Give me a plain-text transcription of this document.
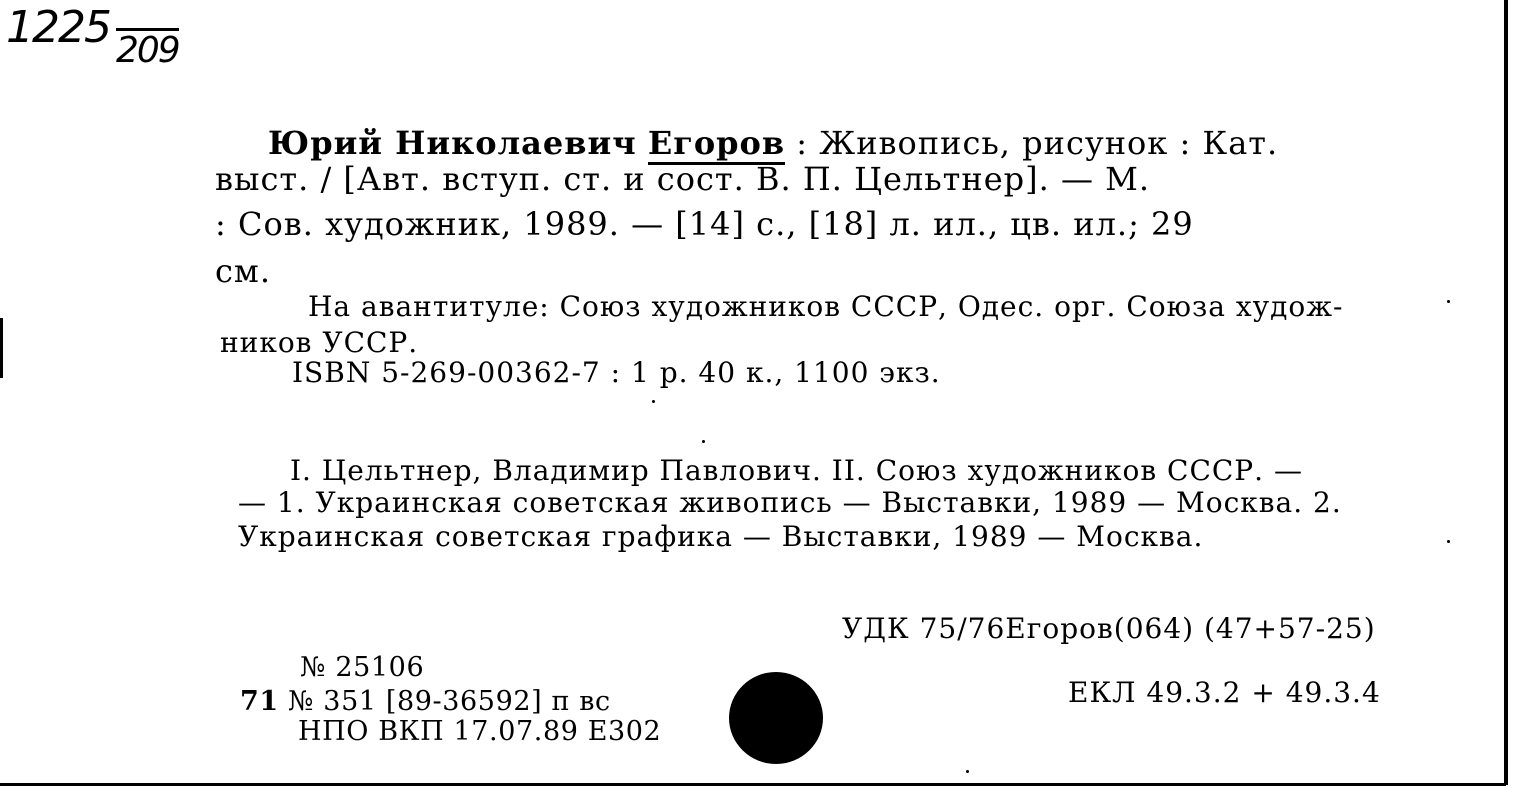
1225 209
Юрий Николаевич Егоров : Живопись, рисунок : Кат.
выст. / [Авт. вступ. ст. и сост. В. П. Цельтнер]. — М.
: Сов. художник, 1989. — [14] с., [18] л. ил., цв. ил.; 29
см.
На авантитуле: Союз художников СССР, Одес. орг. Союза худож-
ников УССР.
ISBN 5-269-00362-7 : 1 р. 40 к., 1100 экз.
I. Цельтнер, Владимир Павлович. II. Союз художников СССР. —
— 1. Украинская советская живопись — Выставки, 1989 — Москва. 2.
Украинская советская графика — Выставки, 1989 — Москва.
УДК 75/76Егоров(064) (47+57-25)
ЕКЛ 49.3.2 + 49.3.4
№ 25106
71 № 351 [89-36592] п вс
НПО ВКП 17.07.89 Е302
